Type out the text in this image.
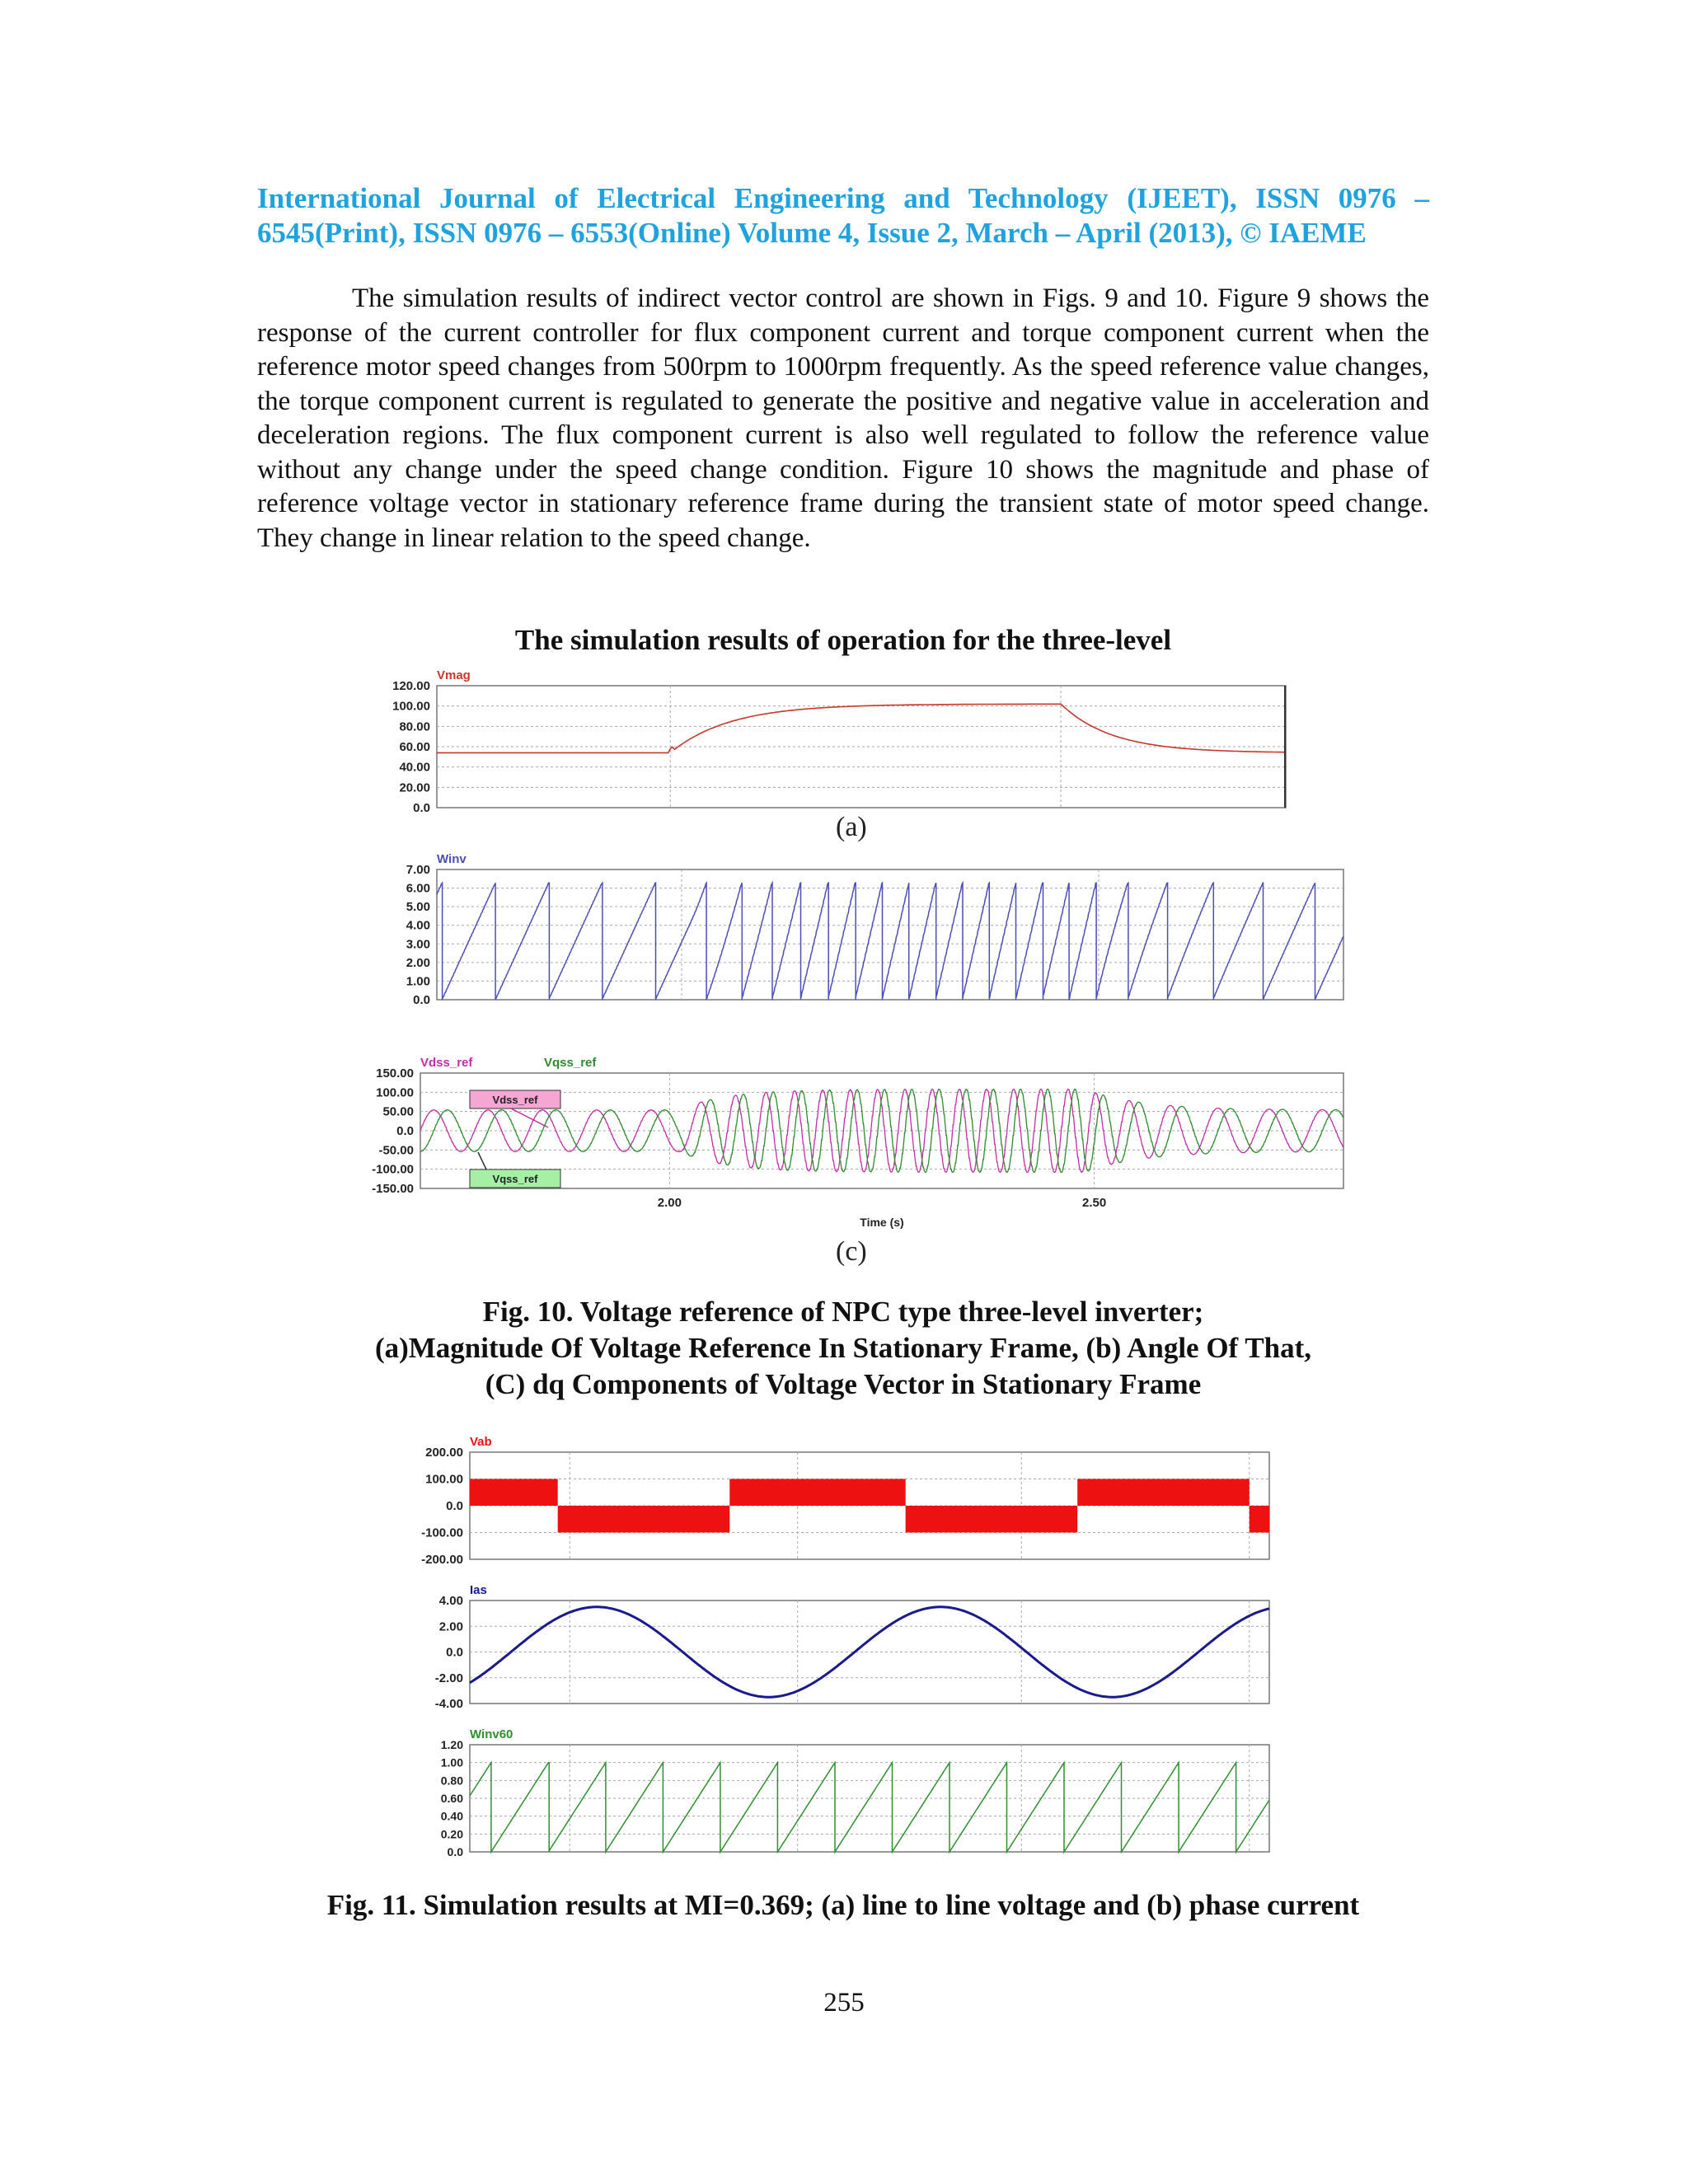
International Journal of Electrical Engineering and Technology (IJEET), ISSN 0976 –
6545(Print), ISSN 0976 – 6553(Online) Volume 4, Issue 2, March – April (2013), © IAEME

The simulation results of indirect vector control are shown in Figs. 9 and 10. Figure 9 shows the response of the current controller for flux component current and torque component current when the reference motor speed changes from 500rpm to 1000rpm frequently. As the speed reference value changes, the torque component current is regulated to generate the positive and negative value in acceleration and deceleration regions. The flux component current is also well regulated to follow the reference value without any change under the speed change condition. Figure 10 shows the magnitude and phase of reference voltage vector in stationary reference frame during the transient state of motor speed change. They change in linear relation to the speed change.

The simulation results of operation for the three-level
120.00
100.00
80.00
60.00
40.00
20.00
0.0
Vmag
(a)
7.00
6.00
5.00
4.00
3.00
2.00
1.00
0.0
Winv
150.00
100.00
50.00
0.0
-50.00
-100.00
-150.00
Vdss_ref	Vqss_ref
Vdss_ref
Vqss_ref
2.00	2.50
Time (s)
(c)
Fig. 10. Voltage reference of NPC type three-level inverter;
(a)Magnitude Of Voltage Reference In Stationary Frame, (b) Angle Of That,
(C) dq Components of Voltage Vector in Stationary Frame
200.00
100.00
0.0
-100.00
-200.00
Vab
4.00
2.00
0.0
-2.00
-4.00
Ias
1.20
1.00
0.80
0.60
0.40
0.20
0.0
Winv60
Fig. 11. Simulation results at MI=0.369; (a) line to line voltage and (b) phase current
255
